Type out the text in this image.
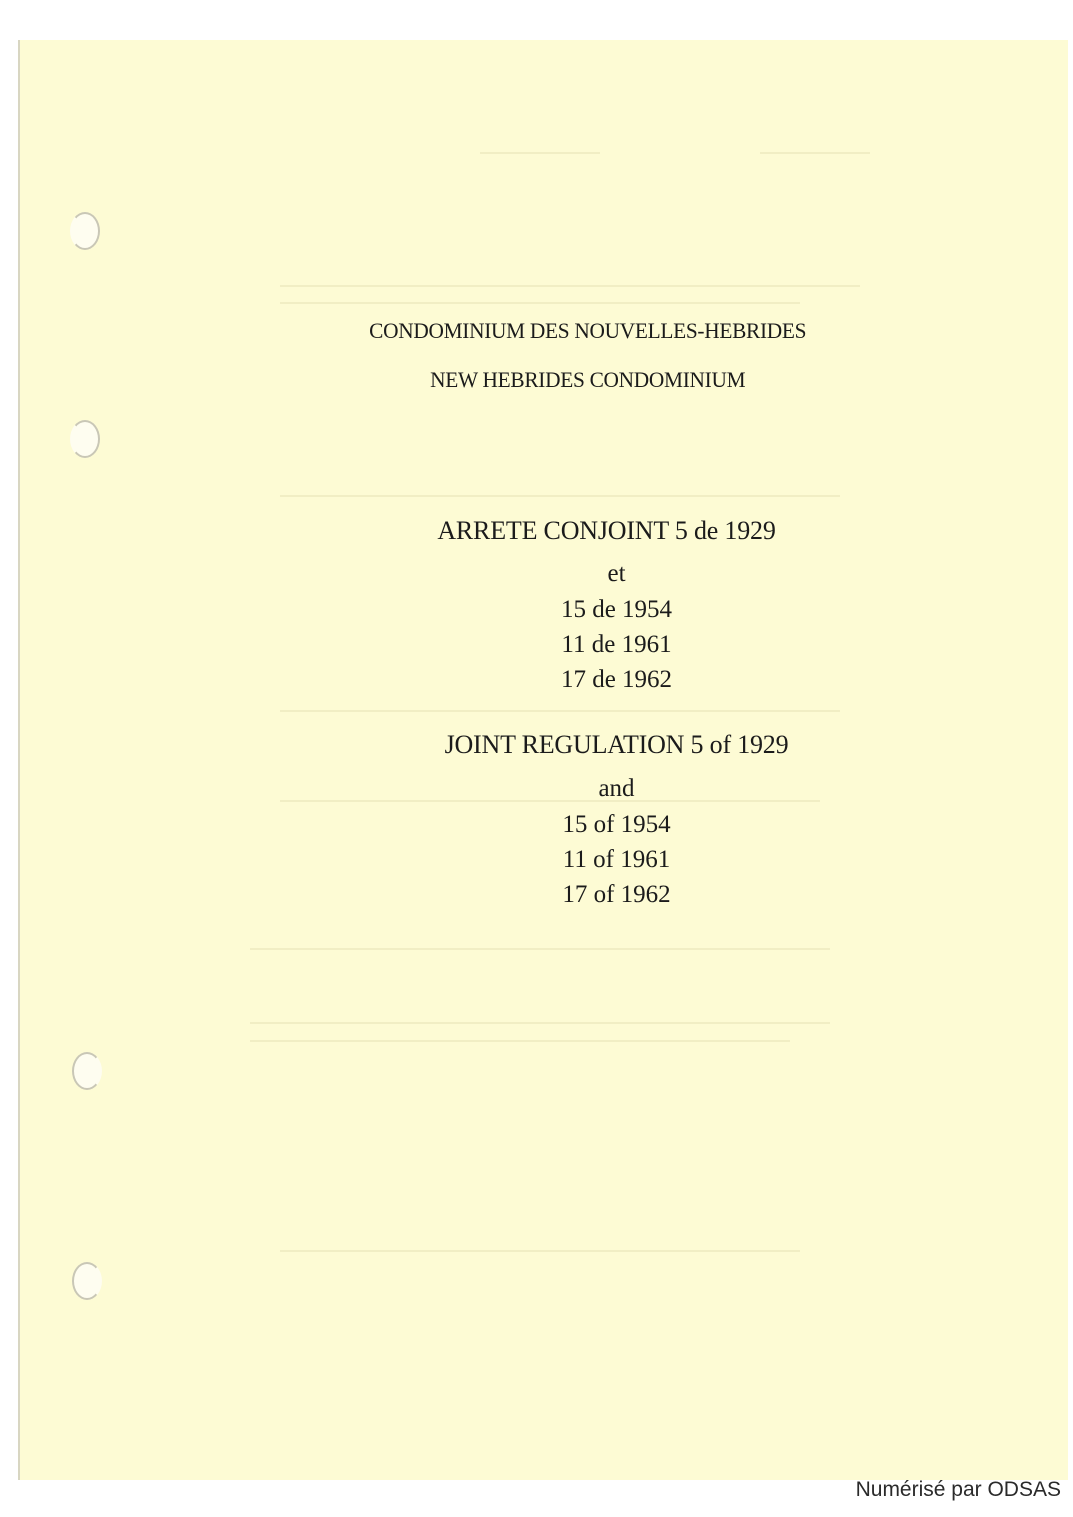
CONDOMINIUM DES NOUVELLES-HEBRIDES
NEW HEBRIDES CONDOMINIUM
ARRETE CONJOINT 5 de 1929
et
15 de 1954
11 de 1961
17 de 1962
JOINT REGULATION 5 of 1929
and
15 of 1954
11 of 1961
17 of 1962
Numérisé par ODSAS
